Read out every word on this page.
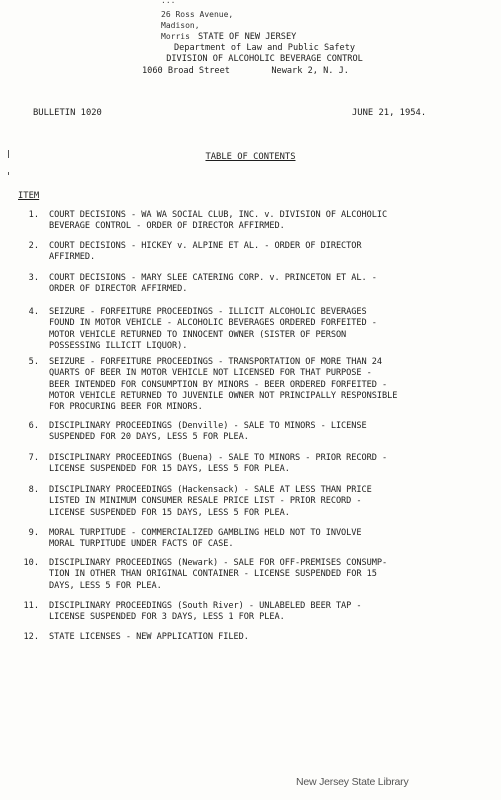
...
26 Ross Avenue,
Madison,
Morris STATE OF NEW JERSEY
Department of Law and Public Safety
DIVISION OF ALCOHOLIC BEVERAGE CONTROL
1060 Broad Street        Newark 2, N. J.
BULLETIN 1020	JUNE 21, 1954.
TABLE OF CONTENTS
ITEM
1. COURT DECISIONS - WA WA SOCIAL CLUB, INC. v. DIVISION OF ALCOHOLIC
BEVERAGE CONTROL - ORDER OF DIRECTOR AFFIRMED.
2. COURT DECISIONS - HICKEY v. ALPINE ET AL. - ORDER OF DIRECTOR
AFFIRMED.
3. COURT DECISIONS - MARY SLEE CATERING CORP. v. PRINCETON ET AL. -
ORDER OF DIRECTOR AFFIRMED.
4. SEIZURE - FORFEITURE PROCEEDINGS - ILLICIT ALCOHOLIC BEVERAGES
FOUND IN MOTOR VEHICLE - ALCOHOLIC BEVERAGES ORDERED FORFEITED -
MOTOR VEHICLE RETURNED TO INNOCENT OWNER (SISTER OF PERSON
POSSESSING ILLICIT LIQUOR).
5. SEIZURE - FORFEITURE PROCEEDINGS - TRANSPORTATION OF MORE THAN 24
QUARTS OF BEER IN MOTOR VEHICLE NOT LICENSED FOR THAT PURPOSE -
BEER INTENDED FOR CONSUMPTION BY MINORS - BEER ORDERED FORFEITED -
MOTOR VEHICLE RETURNED TO JUVENILE OWNER NOT PRINCIPALLY RESPONSIBLE
FOR PROCURING BEER FOR MINORS.
6. DISCIPLINARY PROCEEDINGS (Denville) - SALE TO MINORS - LICENSE
SUSPENDED FOR 20 DAYS, LESS 5 FOR PLEA.
7. DISCIPLINARY PROCEEDINGS (Buena) - SALE TO MINORS - PRIOR RECORD -
LICENSE SUSPENDED FOR 15 DAYS, LESS 5 FOR PLEA.
8. DISCIPLINARY PROCEEDINGS (Hackensack) - SALE AT LESS THAN PRICE
LISTED IN MINIMUM CONSUMER RESALE PRICE LIST - PRIOR RECORD -
LICENSE SUSPENDED FOR 15 DAYS, LESS 5 FOR PLEA.
9. MORAL TURPITUDE - COMMERCIALIZED GAMBLING HELD NOT TO INVOLVE
MORAL TURPITUDE UNDER FACTS OF CASE.
10. DISCIPLINARY PROCEEDINGS (Newark) - SALE FOR OFF-PREMISES CONSUMP-
TION IN OTHER THAN ORIGINAL CONTAINER - LICENSE SUSPENDED FOR 15
DAYS, LESS 5 FOR PLEA.
11. DISCIPLINARY PROCEEDINGS (South River) - UNLABELED BEER TAP -
LICENSE SUSPENDED FOR 3 DAYS, LESS 1 FOR PLEA.
12. STATE LICENSES - NEW APPLICATION FILED.
New Jersey State Library
